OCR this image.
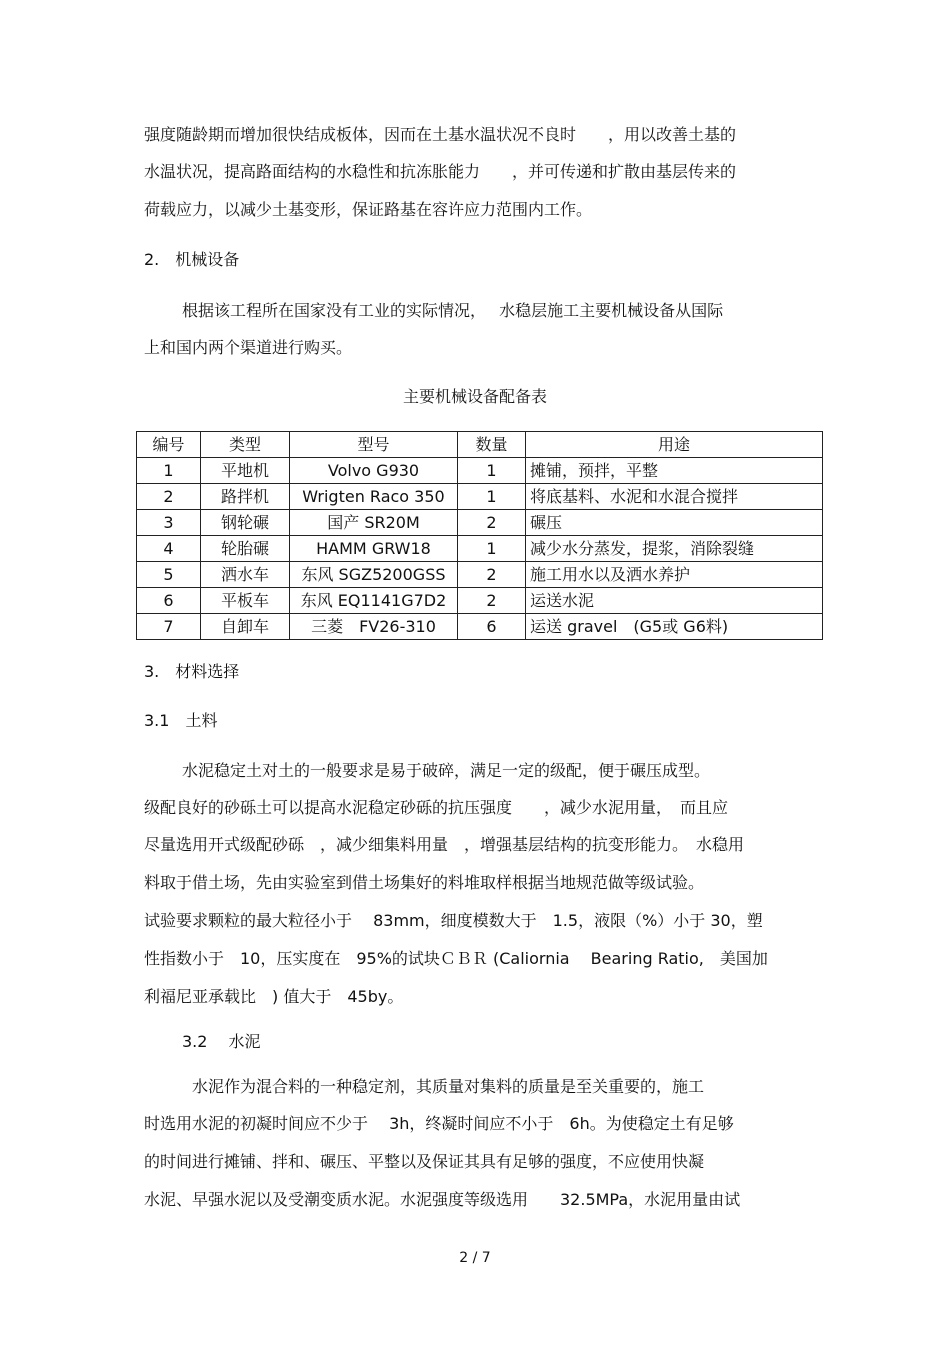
强度随龄期而增加很快结成板体，因而在土基水温状况不良时　　，用以改善土基的
水温状况，提高路面结构的水稳性和抗冻胀能力　　，并可传递和扩散由基层传来的
荷载应力，以减少土基变形，保证路基在容许应力范围内工作。
2.　机械设备
根据该工程所在国家没有工业的实际情况，　 水稳层施工主要机械设备从国际
上和国内两个渠道进行购买。
主要机械设备配备表
编号	类型	型号	数量	用途
1	平地机	Volvo G930	1	摊铺，预拌，平整
2	路拌机	Wrigten Raco 350	1	将底基料、水泥和水混合搅拌
3	钢轮碾	国产 SR20M	2	碾压
4	轮胎碾	HAMM GRW18	1	减少水分蒸发，提浆，消除裂缝
5	洒水车	东风 SGZ5200GSS	2	施工用水以及洒水养护
6	平板车	东风 EQ1141G7D2	2	运送水泥
7	自卸车	三菱　FV26-310	6	运送 gravel　(G5或 G6料)
3.　材料选择
3.1　土料
水泥稳定土对土的一般要求是易于破碎，满足一定的级配，便于碾压成型。
级配良好的砂砾土可以提高水泥稳定砂砾的抗压强度　　，减少水泥用量，　而且应
尽量选用开式级配砂砾　，减少细集料用量　，增强基层结构的抗变形能力。　水稳用
料取于借土场，先由实验室到借土场集好的料堆取样根据当地规范做等级试验。
试验要求颗粒的最大粒径小于　 83mm，细度模数大于　1.5，液限（%）小于 30，塑
性指数小于　10，压实度在　95%的试块ＣＢＲ (Caliornia　 Bearing Ratio,　美国加
利福尼亚承载比　) 值大于　45by。
3.2　 水泥
水泥作为混合料的一种稳定剂，其质量对集料的质量是至关重要的，施工
时选用水泥的初凝时间应不少于　 3h，终凝时间应不小于　6h。为使稳定土有足够
的时间进行摊铺、拌和、碾压、平整以及保证其具有足够的强度，不应使用快凝
水泥、早强水泥以及受潮变质水泥。水泥强度等级选用　　32.5MPa，水泥用量由试
2 / 7
